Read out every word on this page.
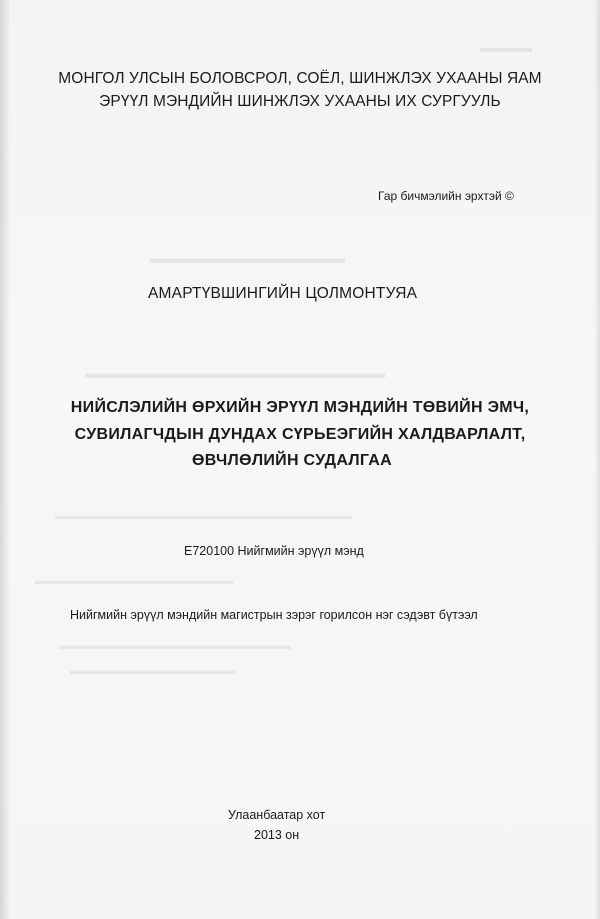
▬▬▬▬▬▬▬▬▬▬▬▬▬
▬▬▬▬▬▬▬▬▬▬▬▬▬▬▬▬▬▬▬▬
▬▬▬▬▬▬▬▬▬▬▬▬▬▬▬▬▬▬▬▬▬▬▬▬▬▬▬
▬▬▬▬▬▬▬▬▬▬▬▬▬▬▬▬▬▬
▬▬▬▬▬▬▬▬▬▬▬▬▬▬▬▬▬▬▬▬▬
▬▬▬▬▬▬▬▬▬▬▬▬▬▬▬
▬▬▬▬
МОНГОЛ УЛСЫН БОЛОВСРОЛ, СОЁЛ, ШИНЖЛЭХ УХААНЫ ЯАМ
ЭРҮҮЛ МЭНДИЙН ШИНЖЛЭХ УХААНЫ ИХ СУРГУУЛЬ
Гар бичмэлийн эрхтэй ©
АМАРТҮВШИНГИЙН ЦОЛМОНТУЯА
НИЙСЛЭЛИЙН ӨРХИЙН ЭРҮҮЛ МЭНДИЙН ТӨВИЙН ЭМЧ,
СУВИЛАГЧДЫН ДУНДАХ СҮРЬЕЭГИЙН ХАЛДВАРЛАЛТ,
ӨВЧЛӨЛИЙН СУДАЛГАА
Е720100 Нийгмийн эрүүл мэнд
Нийгмийн эрүүл мэндийн магистрын зэрэг горилсон нэг сэдэвт бүтээл
Улаанбаатар хот
2013 он
